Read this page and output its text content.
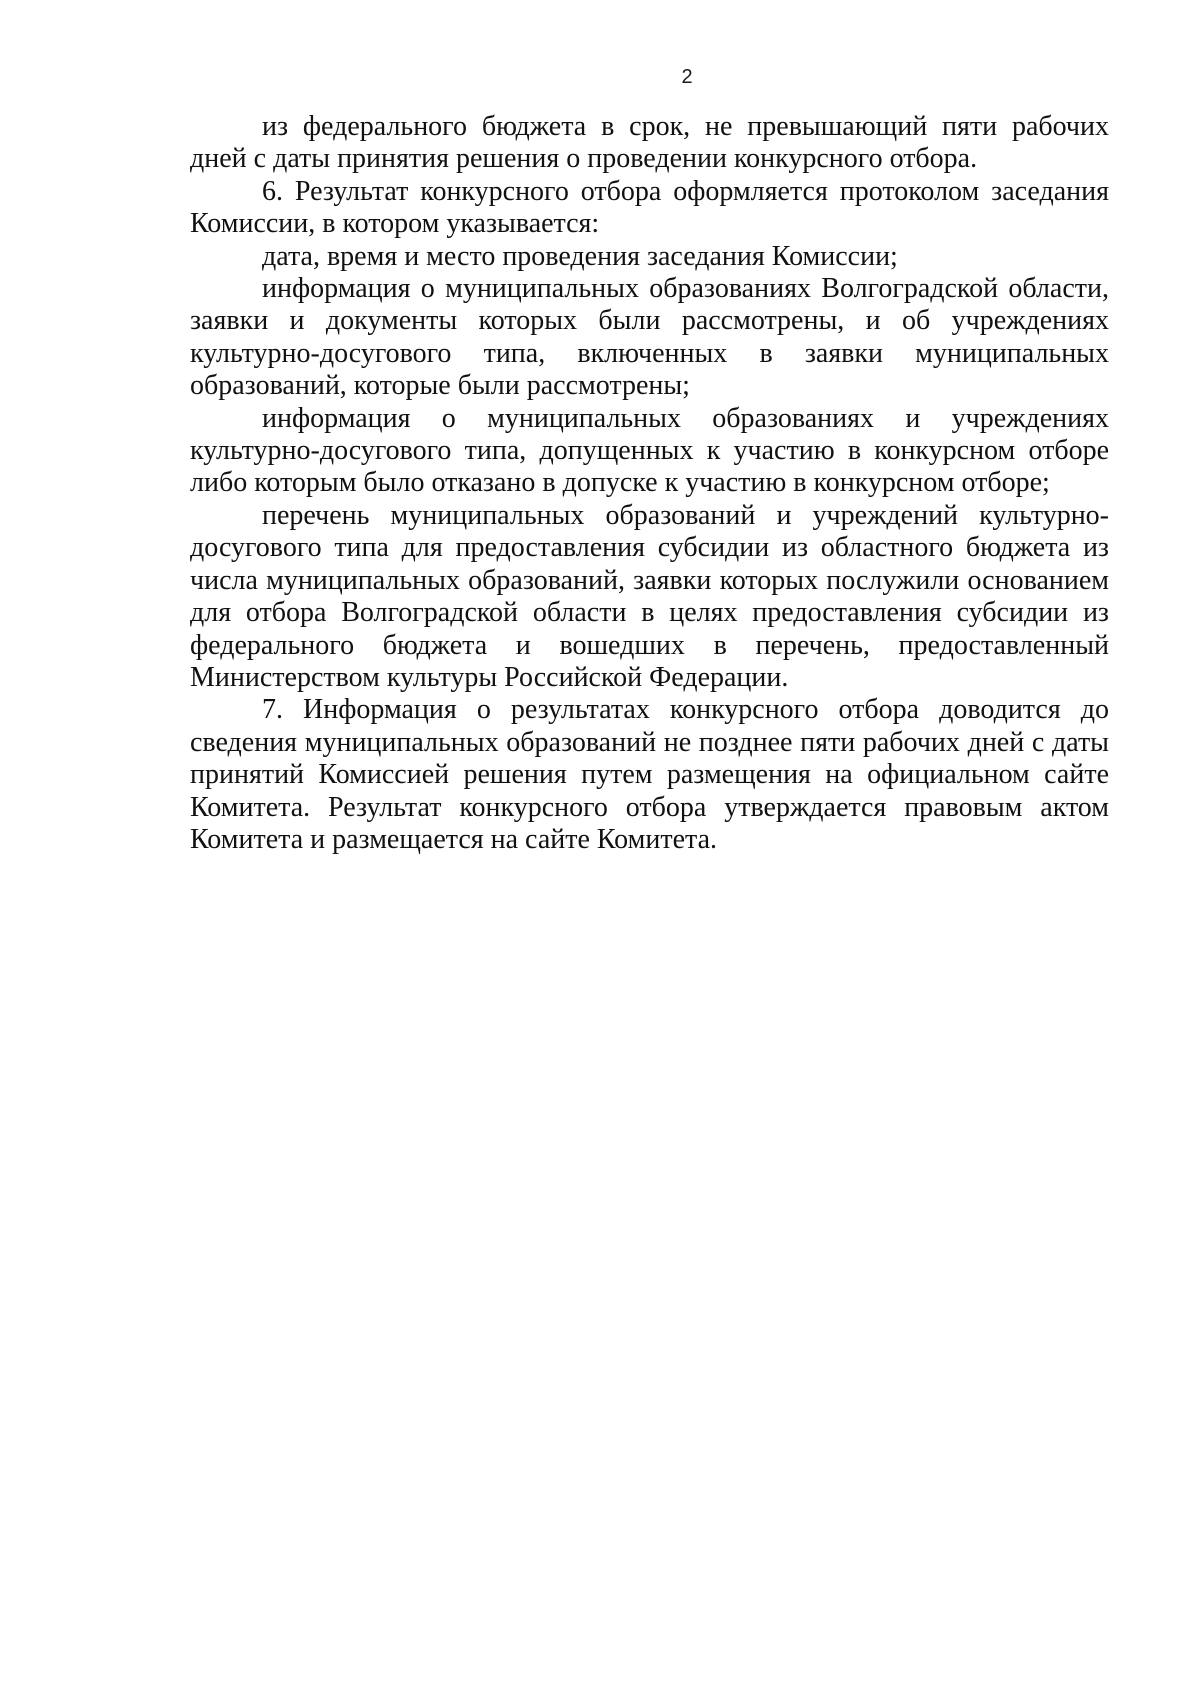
2

из федерального бюджета в срок, не превышающий пяти рабочих дней с даты принятия решения о проведении конкурсного отбора.

6. Результат конкурсного отбора оформляется протоколом заседания Комиссии, в котором указывается:

дата, время и место проведения заседания Комиссии;

информация о муниципальных образованиях Волгоградской области, заявки и документы которых были рассмотрены, и об учреждениях культурно-досугового типа, включенных в заявки муниципальных образований, которые были рассмотрены;

информация о муниципальных образованиях и учреждениях культурно-досугового типа, допущенных к участию в конкурсном отборе либо которым было отказано в допуске к участию в конкурсном отборе;

перечень муниципальных образований и учреждений культурно-досугового типа для предоставления субсидии из областного бюджета из числа муниципальных образований, заявки которых послужили основанием для отбора Волгоградской области в целях предоставления субсидии из федерального бюджета и вошедших в перечень, предоставленный Министерством культуры Российской Федерации.

7. Информация о результатах конкурсного отбора доводится до сведения муниципальных образований не позднее пяти рабочих дней с даты принятий Комиссией решения путем размещения на официальном сайте Комитета. Результат конкурсного отбора утверждается правовым актом Комитета и размещается на сайте Комитета.
